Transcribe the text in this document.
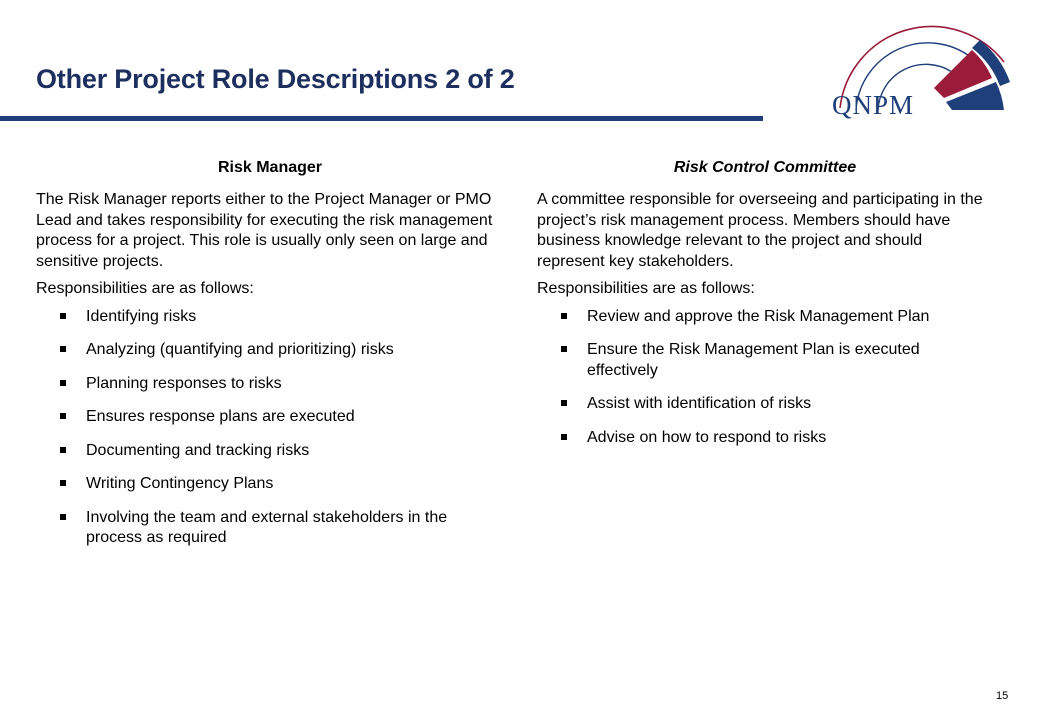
Other Project Role Descriptions 2 of 2
QNPM
Risk Manager

The Risk Manager reports either to the Project Manager or PMO Lead and takes responsibility for executing the risk management process for a project. This role is usually only seen on large and sensitive projects.

Responsibilities are as follows:

Identifying risks
Analyzing (quantifying and prioritizing) risks
Planning responses to risks
Ensures response plans are executed
Documenting and tracking risks
Writing Contingency Plans
Involving the team and external stakeholders in the process as required
Risk Control Committee

A committee responsible for overseeing and participating in the project’s risk management process. Members should have business knowledge relevant to the project and should represent key stakeholders.

Responsibilities are as follows:

Review and approve the Risk Management Plan
Ensure the Risk Management Plan is executed effectively
Assist with identification of risks
Advise on how to respond to risks
15
